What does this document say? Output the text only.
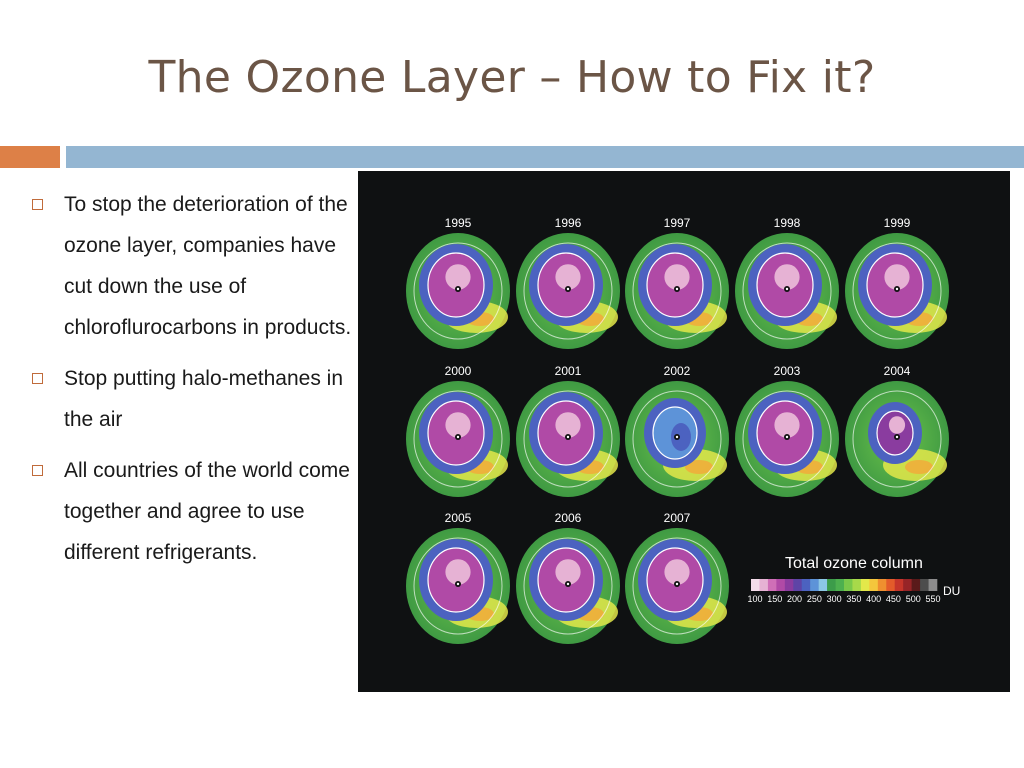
The Ozone Layer – How to Fix it?
To stop the deterioration of the ozone layer, companies have cut down the use of chloroflurocarbons in products.
Stop putting halo-methanes in the air
All countries of the world come together and agree to use different refrigerants.
1995	1996	1997	1998	1999
2000	2001	2002	2003	2004
2005	2006	2007
Total ozone column
100 150 200 250 300 350 400 450 500 550
DU
